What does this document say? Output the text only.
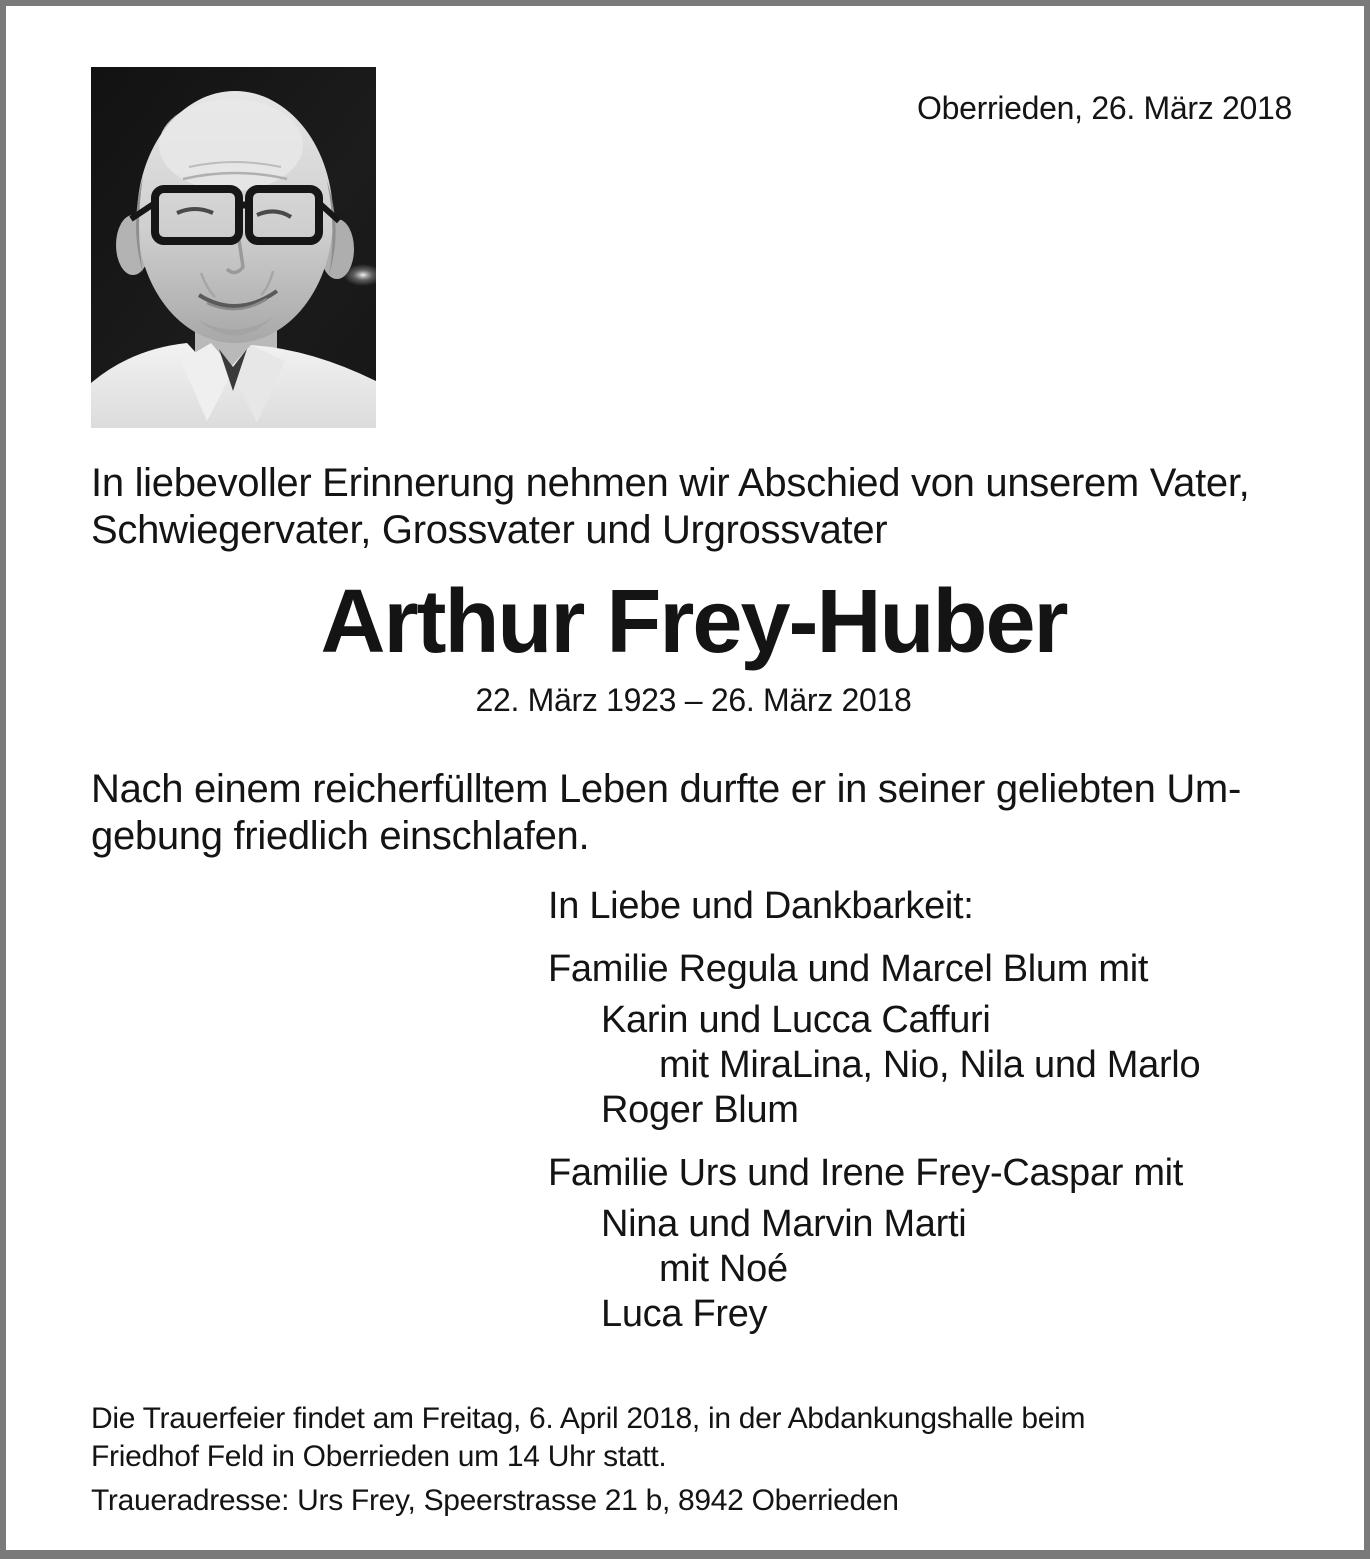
Oberrieden, 26. März 2018
In liebevoller Erinnerung nehmen wir Abschied von unserem Vater,
Schwiegervater, Grossvater und Urgrossvater
Arthur Frey-Huber
22. März 1923 – 26. März 2018
Nach einem reicherfülltem Leben durfte er in seiner geliebten Um-
gebung friedlich einschlafen.
In Liebe und Dankbarkeit:
Familie Regula und Marcel Blum mit
Karin und Lucca Caffuri
mit MiraLina, Nio, Nila und Marlo
Roger Blum
Familie Urs und Irene Frey-Caspar mit
Nina und Marvin Marti
mit Noé
Luca Frey
Die Trauerfeier findet am Freitag, 6. April 2018, in der Abdankungshalle beim
Friedhof Feld in Oberrieden um 14 Uhr statt.
Traueradresse: Urs Frey, Speerstrasse 21 b, 8942 Oberrieden
